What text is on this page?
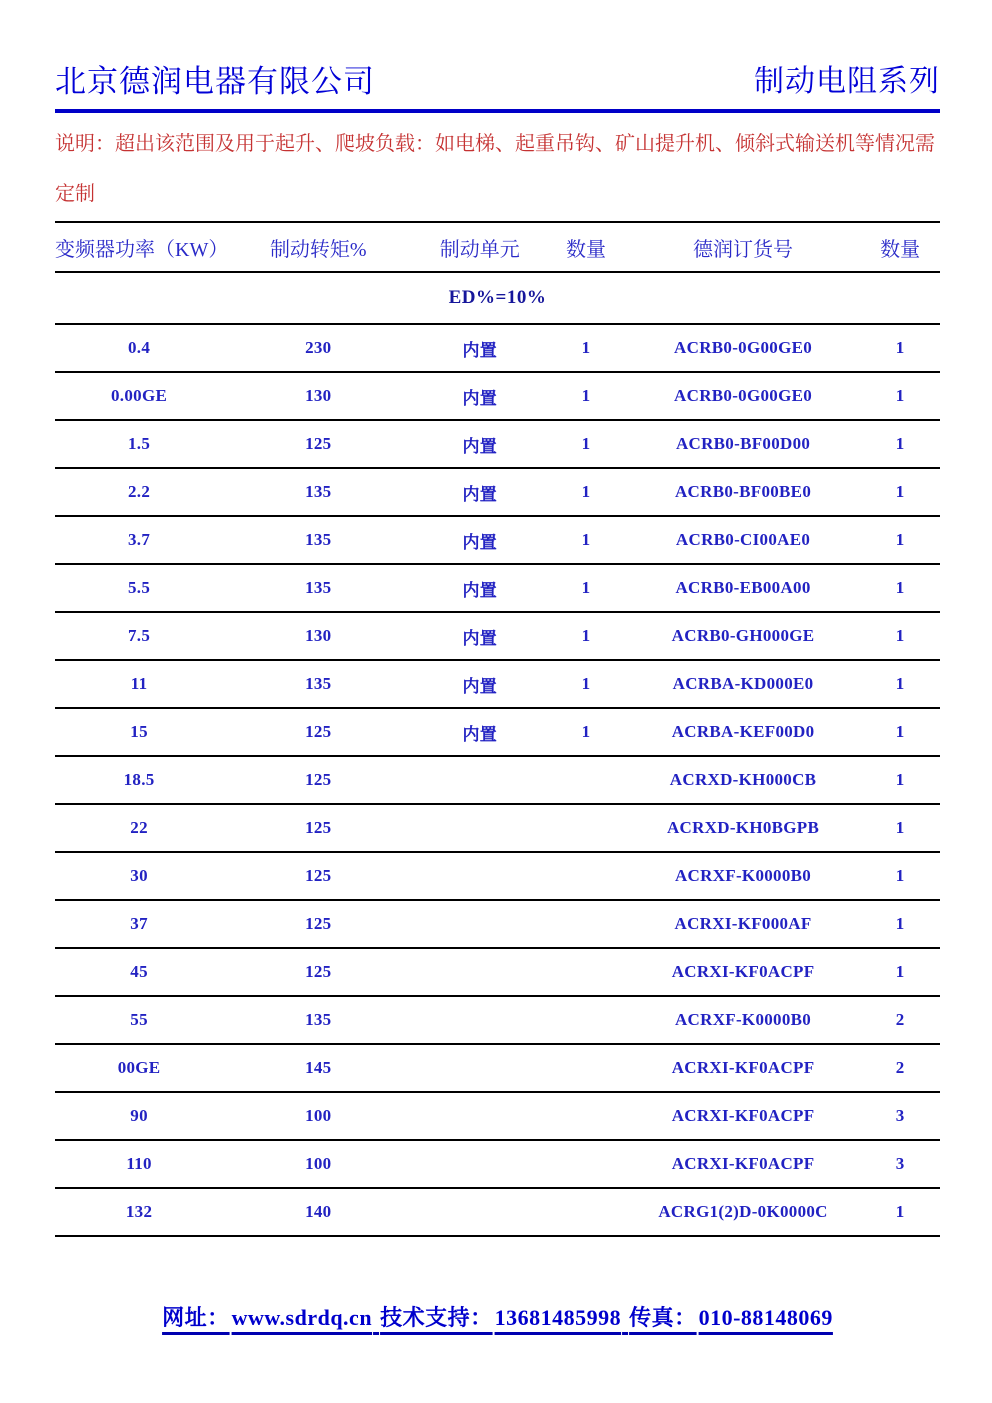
北京德润电器有限公司	制动电阻系列
说明：超出该范围及用于起升、爬坡负载：如电梯、起重吊钩、矿山提升机、倾斜式输送机等情况需
定制
变频器功率（KW）	制动转矩%	制动单元	数量	德润订货号	数量
ED%=10%					
0.4	230	内置	1	ACRB0-0G00GE0	1
0.00GE	130	内置	1	ACRB0-0G00GE0	1
1.5	125	内置	1	ACRB0-BF00D00	1
2.2	135	内置	1	ACRB0-BF00BE0	1
3.7	135	内置	1	ACRB0-CI00AE0	1
5.5	135	内置	1	ACRB0-EB00A00	1
7.5	130	内置	1	ACRB0-GH000GE	1
11	135	内置	1	ACRBA-KD000E0	1
15	125	内置	1	ACRBA-KEF00D0	1
18.5	125			ACRXD-KH000CB	1
22	125			ACRXD-KH0BGPB	1
30	125			ACRXF-K0000B0	1
37	125			ACRXI-KF000AF	1
45	125			ACRXI-KF0ACPF	1
55	135			ACRXF-K0000B0	2
00GE	145			ACRXI-KF0ACPF	2
90	100			ACRXI-KF0ACPF	3
110	100			ACRXI-KF0ACPF	3
132	140			ACRG1(2)D-0K0000C	1
网址：www.sdrdq.cn 技术支持：13681485998 传真：010-88148069
